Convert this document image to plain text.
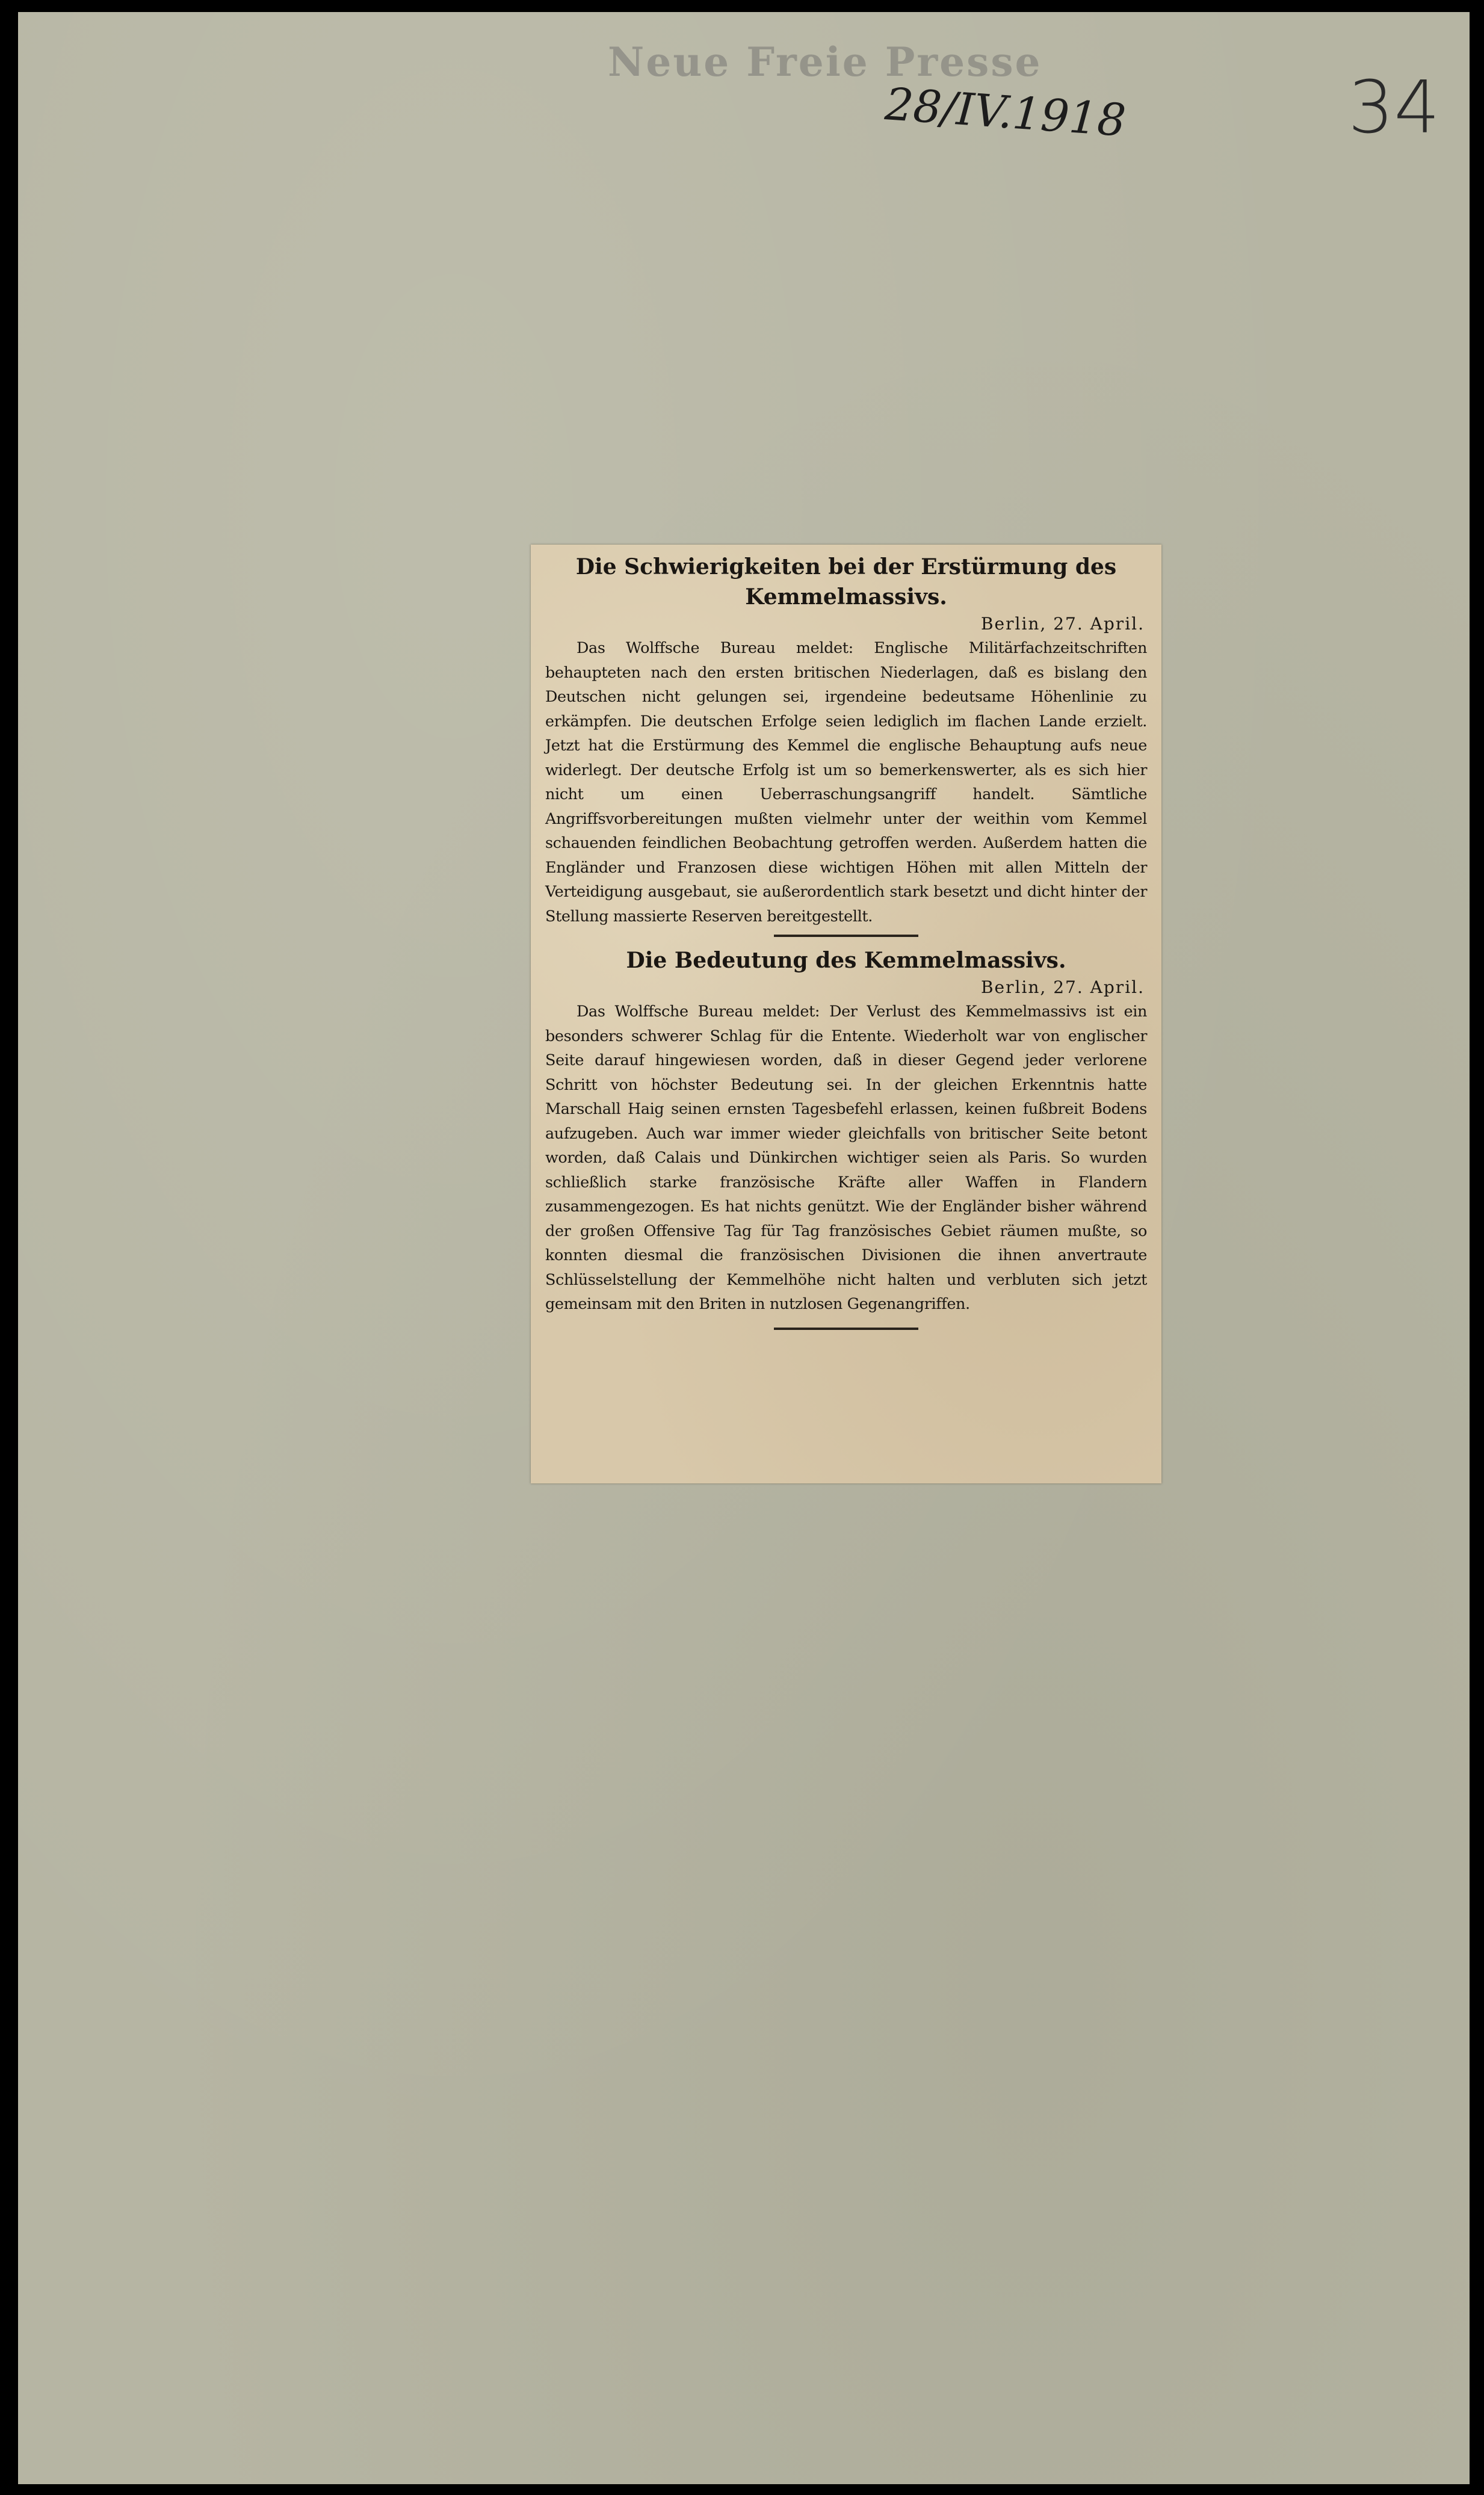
Neue Freie Presse
28/IV.1918	34

Die Schwierigkeiten bei der Erstürmung des Kemmelmassivs.

Berlin, 27. April.

Das Wolffsche Bureau meldet: Englische Militärfachzeitschriften behaupteten nach den ersten britischen Niederlagen, daß es bislang den Deutschen nicht gelungen sei, irgendeine bedeutsame Höhenlinie zu erkämpfen. Die deutschen Erfolge seien lediglich im flachen Lande erzielt. Jetzt hat die Erstürmung des Kemmel die englische Behauptung aufs neue widerlegt. Der deutsche Erfolg ist um so bemerkenswerter, als es sich hier nicht um einen Ueberraschungsangriff handelt. Sämtliche Angriffsvorbereitungen mußten vielmehr unter der weithin vom Kemmel schauenden feindlichen Beobachtung getroffen werden. Außerdem hatten die Engländer und Franzosen diese wichtigen Höhen mit allen Mitteln der Verteidigung ausgebaut, sie außerordentlich stark besetzt und dicht hinter der Stellung massierte Reserven bereitgestellt.

Die Bedeutung des Kemmelmassivs.

Berlin, 27. April.

Das Wolffsche Bureau meldet: Der Verlust des Kemmelmassivs ist ein besonders schwerer Schlag für die Entente. Wiederholt war von englischer Seite darauf hingewiesen worden, daß in dieser Gegend jeder verlorene Schritt von höchster Bedeutung sei. In der gleichen Erkenntnis hatte Marschall Haig seinen ernsten Tagesbefehl erlassen, keinen fußbreit Bodens aufzugeben. Auch war immer wieder gleichfalls von britischer Seite betont worden, daß Calais und Dünkirchen wichtiger seien als Paris. So wurden schließlich starke französische Kräfte aller Waffen in Flandern zusammengezogen. Es hat nichts genützt. Wie der Engländer bisher während der großen Offensive Tag für Tag französisches Gebiet räumen mußte, so konnten diesmal die französischen Divisionen die ihnen anvertraute Schlüsselstellung der Kemmelhöhe nicht halten und verbluten sich jetzt gemeinsam mit den Briten in nutzlosen Gegenangriffen.
